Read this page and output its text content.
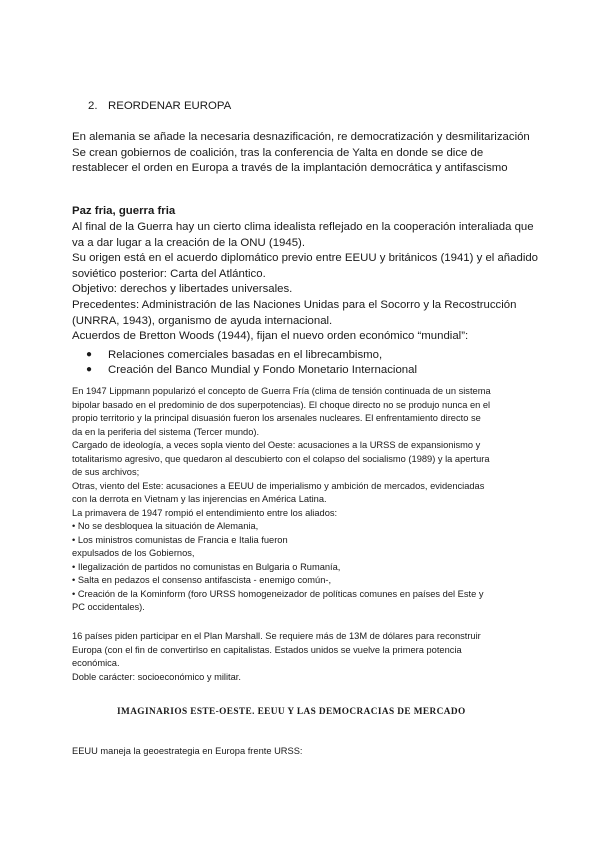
2. REORDENAR EUROPA
En alemania se añade la necesaria desnazificación, re democratización y desmilitarización
Se crean gobiernos de coalición, tras la conferencia de Yalta en donde se dice de
restablecer el orden en Europa a través de la implantación democrática y antifascismo
Paz fria, guerra fria
Al final de la Guerra hay un cierto clima idealista reflejado en la cooperación interaliada que
va a dar lugar a la creación de la ONU (1945).
Su origen está en el acuerdo diplomático previo entre EEUU y británicos (1941) y el añadido
soviético posterior: Carta del Atlántico.
Objetivo: derechos y libertades universales.
Precedentes: Administración de las Naciones Unidas para el Socorro y la Recostrucción
(UNRRA, 1943), organismo de ayuda internacional.
Acuerdos de Bretton Woods (1944), fijan el nuevo orden económico “mundial”:
● Relaciones comerciales basadas en el librecambismo,
● Creación del Banco Mundial y Fondo Monetario Internacional
En 1947 Lippmann popularizó el concepto de Guerra Fría (clima de tensión continuada de un sistema
bipolar basado en el predominio de dos superpotencias). El choque directo no se produjo nunca en el
propio territorio y la principal disuasión fueron los arsenales nucleares. El enfrentamiento directo se
da en la periferia del sistema (Tercer mundo).
Cargado de ideología, a veces sopla viento del Oeste: acusaciones a la URSS de expansionismo y
totalitarismo agresivo, que quedaron al descubierto con el colapso del socialismo (1989) y la apertura
de sus archivos;
Otras, viento del Este: acusaciones a EEUU de imperialismo y ambición de mercados, evidenciadas
con la derrota en Vietnam y las injerencias en América Latina.
La primavera de 1947 rompió el entendimiento entre los aliados:
• No se desbloquea la situación de Alemania,
• Los ministros comunistas de Francia e Italia fueron
expulsados de los Gobiernos,
• Ilegalización de partidos no comunistas en Bulgaria o Rumanía,
• Salta en pedazos el consenso antifascista - enemigo común-,
• Creación de la Kominform (foro URSS homogeneizador de políticas comunes en países del Este y
PC occidentales).
16 países piden participar en el Plan Marshall. Se requiere más de 13M de dólares para reconstruir
Europa (con el fin de convertirlso en capitalistas. Estados unidos se vuelve la primera potencia
económica.
Doble carácter: socioeconómico y militar.
IMAGINARIOS ESTE-OESTE. EEUU Y LAS DEMOCRACIAS DE MERCADO
EEUU maneja la geoestrategia en Europa frente URSS:
